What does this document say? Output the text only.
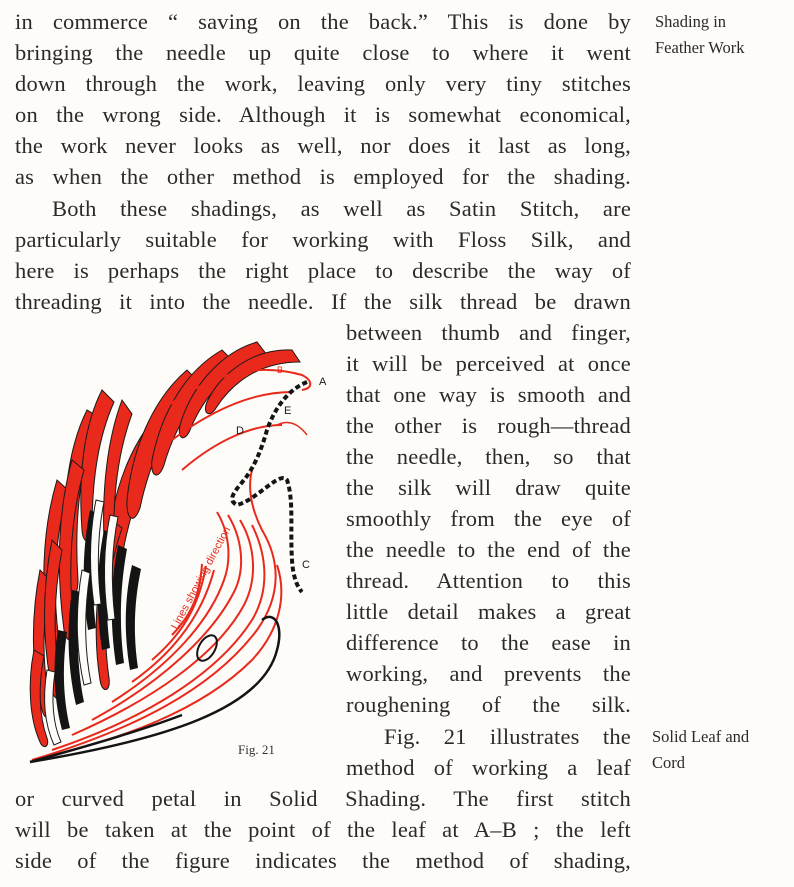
in commerce “ saving on the back.” This is done by
bringing the needle up quite close to where it went
down through the work, leaving only very tiny stitches
on the wrong side. Although it is somewhat economical,
the work never looks as well, nor does it last as long,
as when the other method is employed for the shading.
Both these shadings, as well as Satin Stitch, are
particularly suitable for working with Floss Silk, and
here is perhaps the right place to describe the way of
threading it into the needle. If the silk thread be drawn
between thumb and finger,
it will be perceived at once
that one way is smooth and
the other is rough—thread
the needle, then, so that
the silk will draw quite
smoothly from the eye of
the needle to the end of the
thread. Attention to this
little detail makes a great
difference to the ease in
working, and prevents the
roughening of the silk.
Fig. 21 illustrates the
method of working a leaf
or curved petal in Solid Shading. The first stitch
will be taken at the point of the leaf at A–B ; the left
side of the figure indicates the method of shading,
Shading in
Feather Work
Solid Leaf and
Cord
Lines showing direction
A
B
C
D
E
Fig. 21
